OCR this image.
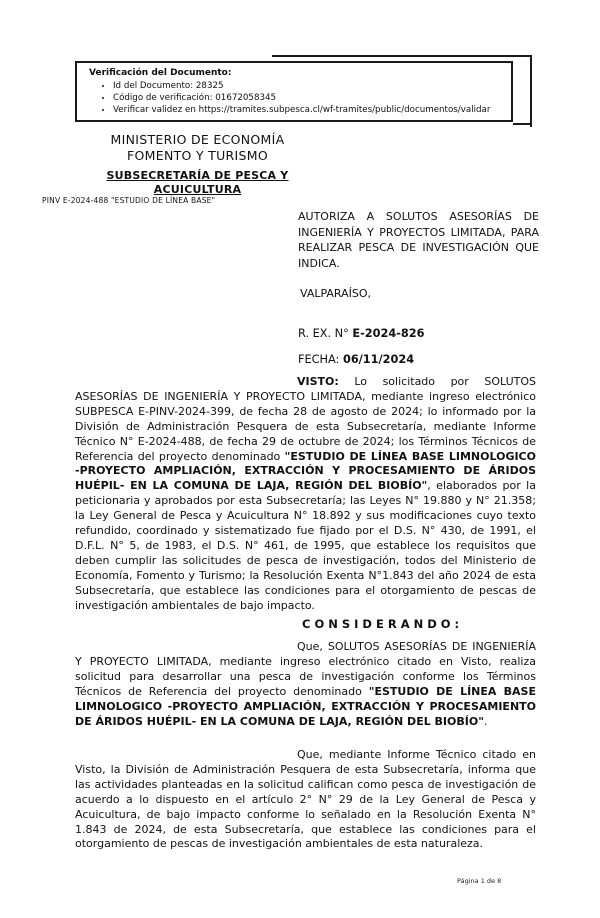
Verificación del Documento:
• Id del Documento: 28325
• Código de verificación: 01672058345
• Verificar validez en https://tramites.subpesca.cl/wf-tramites/public/documentos/validar
MINISTERIO DE ECONOMÍA
FOMENTO Y TURISMO
SUBSECRETARÍA DE PESCA Y
ACUICULTURA
PINV E-2024-488 "ESTUDIO DE LÍNEA BASE"
AUTORIZA A SOLUTOS ASESORÍAS DE INGENIERÍA Y PROYECTOS LIMITADA, PARA REALIZAR PESCA DE INVESTIGACIÓN QUE INDICA.
VALPARAÍSO,
R. EX. N° E-2024-826
FECHA: 06/11/2024
VISTO: Lo solicitado por SOLUTOS ASESORÍAS DE INGENIERÍA Y PROYECTO LIMITADA, mediante ingreso electrónico SUBPESCA E-PINV-2024-399, de fecha 28 de agosto de 2024; lo informado por la División de Administración Pesquera de esta Subsecretaría, mediante Informe Técnico N° E-2024-488, de fecha 29 de octubre de 2024; los Términos Técnicos de Referencia del proyecto denominado "ESTUDIO DE LÍNEA BASE LIMNOLOGICO -PROYECTO AMPLIACIÓN, EXTRACCIÓN Y PROCESAMIENTO DE ÁRIDOS HUÉPIL- EN LA COMUNA DE LAJA, REGIÓN DEL BIOBÍO", elaborados por la peticionaria y aprobados por esta Subsecretaría; las Leyes N° 19.880 y N° 21.358; la Ley General de Pesca y Acuicultura N° 18.892 y sus modificaciones cuyo texto refundido, coordinado y sistematizado fue fijado por el D.S. N° 430, de 1991, el D.F.L. N° 5, de 1983, el D.S. N° 461, de 1995, que establece los requisitos que deben cumplir las solicitudes de pesca de investigación, todos del Ministerio de Economía, Fomento y Turismo; la Resolución Exenta N°1.843 del año 2024 de esta Subsecretaría, que establece las condiciones para el otorgamiento de pescas de investigación ambientales de bajo impacto.
C O N S I D E R A N D O :
Que, SOLUTOS ASESORÍAS DE INGENIERÍA Y PROYECTO LIMITADA, mediante ingreso electrónico citado en Visto, realiza solicitud para desarrollar una pesca de investigación conforme los Términos Técnicos de Referencia del proyecto denominado "ESTUDIO DE LÍNEA BASE LIMNOLOGICO -PROYECTO AMPLIACIÓN, EXTRACCIÓN Y PROCESAMIENTO DE ÁRIDOS HUÉPIL- EN LA COMUNA DE LAJA, REGIÓN DEL BIOBÍO".
Que, mediante Informe Técnico citado en Visto, la División de Administración Pesquera de esta Subsecretaría, informa que las actividades planteadas en la solicitud califican como pesca de investigación de acuerdo a lo dispuesto en el artículo 2° N° 29 de la Ley General de Pesca y Acuicultura, de bajo impacto conforme lo señalado en la Resolución Exenta N° 1.843 de 2024, de esta Subsecretaría, que establece las condiciones para el otorgamiento de pescas de investigación ambientales de esta naturaleza.
Página 1 de 8
